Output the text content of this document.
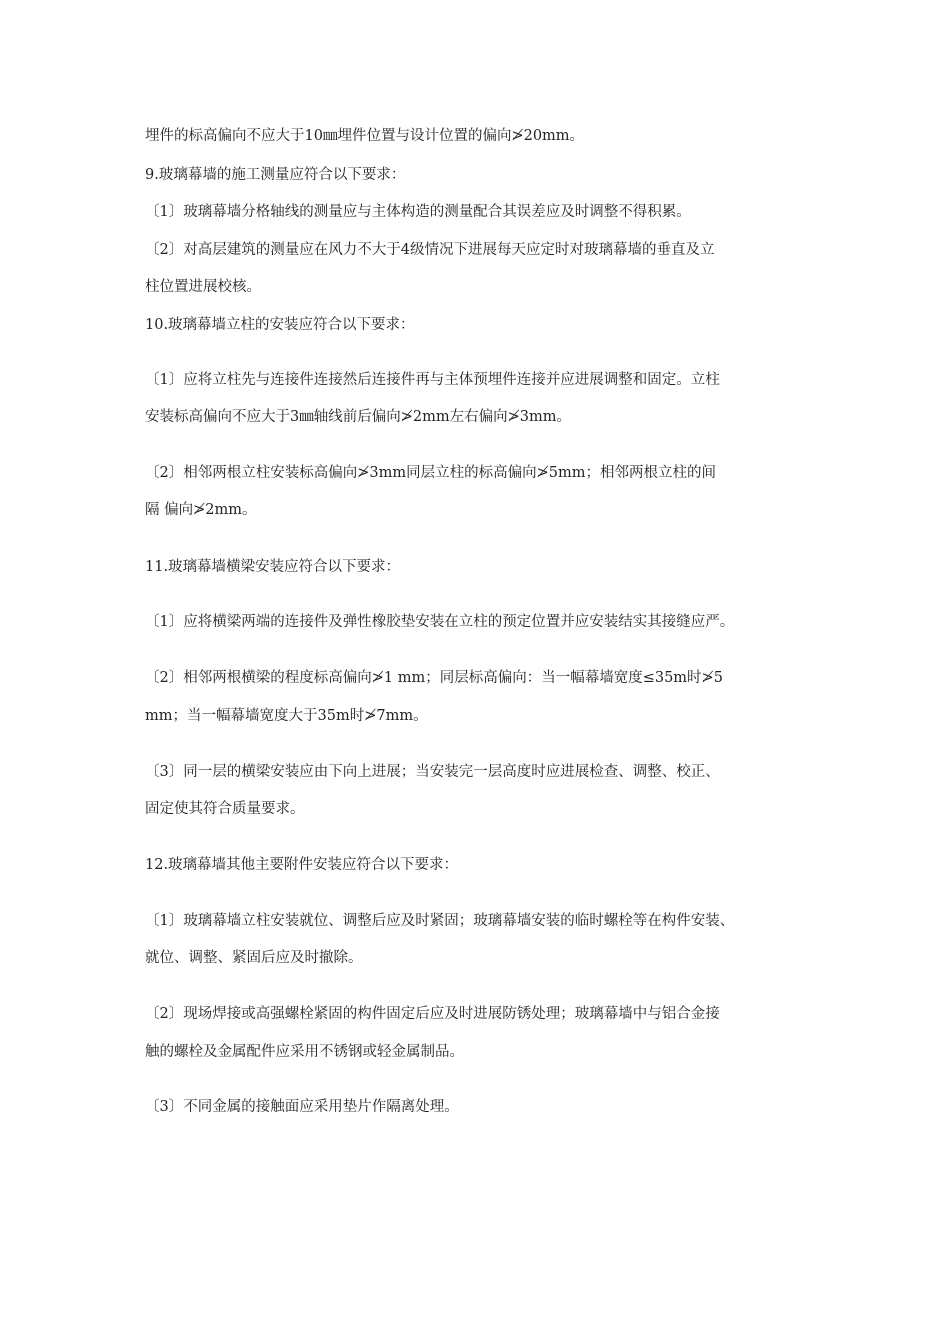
埋件的标高偏向不应大于10㎜埋件位置与设计位置的偏向≯20mm。
9.玻璃幕墙的施工测量应符合以下要求：
〔1〕玻璃幕墙分格轴线的测量应与主体构造的测量配合其误差应及时调整不得积累。
〔2〕对高层建筑的测量应在风力不大于4级情况下进展每天应定时对玻璃幕墙的垂直及立
柱位置进展校核。
10.玻璃幕墙立柱的安装应符合以下要求：
〔1〕应将立柱先与连接件连接然后连接件再与主体预埋件连接并应进展调整和固定。立柱
安装标高偏向不应大于3㎜轴线前后偏向≯2mm左右偏向≯3mm。
〔2〕相邻两根立柱安装标高偏向≯3mm同层立柱的标高偏向≯5mm；相邻两根立柱的间
隔 偏向≯2mm。
11.玻璃幕墙横梁安装应符合以下要求：
〔1〕应将横梁两端的连接件及弹性橡胶垫安装在立柱的预定位置并应安装结实其接缝应严。
〔2〕相邻两根横梁的程度标高偏向≯1 mm；同层标高偏向：当一幅幕墙宽度≤35m时≯5
mm；当一幅幕墙宽度大于35m时≯7mm。
〔3〕同一层的横梁安装应由下向上进展；当安装完一层高度时应进展检查、调整、校正、
固定使其符合质量要求。
12.玻璃幕墙其他主要附件安装应符合以下要求：
〔1〕玻璃幕墙立柱安装就位、调整后应及时紧固；玻璃幕墙安装的临时螺栓等在构件安装、
就位、调整、紧固后应及时撤除。
〔2〕现场焊接或高强螺栓紧固的构件固定后应及时进展防锈处理；玻璃幕墙中与铝合金接
触的螺栓及金属配件应采用不锈钢或轻金属制品。
〔3〕不同金属的接触面应采用垫片作隔离处理。
